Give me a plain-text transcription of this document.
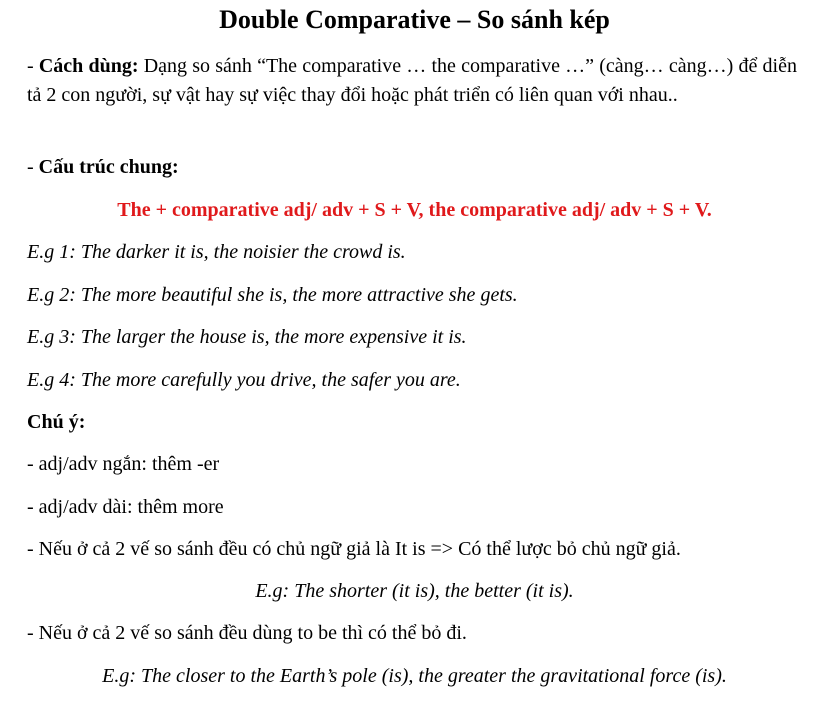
Double Comparative – So sánh kép
- Cách dùng: Dạng so sánh “The comparative … the comparative …” (càng… càng…) để diễn tả 2 con người, sự vật hay sự việc thay đổi hoặc phát triển có liên quan với nhau..
- Cấu trúc chung:
The + comparative adj/ adv + S + V, the comparative adj/ adv + S + V.
E.g 1: The darker it is, the noisier the crowd is.
E.g 2: The more beautiful she is, the more attractive she gets.
E.g 3: The larger the house is, the more expensive it is.
E.g 4: The more carefully you drive, the safer you are.
Chú ý:
- adj/adv ngắn: thêm -er
- adj/adv dài: thêm more
- Nếu ở cả 2 vế so sánh đều có chủ ngữ giả là It is => Có thể lược bỏ chủ ngữ giả.
E.g: The shorter (it is), the better (it is).
- Nếu ở cả 2 vế so sánh đều dùng to be thì có thể bỏ đi.
E.g: The closer to the Earth’s pole (is), the greater the gravitational force (is).
